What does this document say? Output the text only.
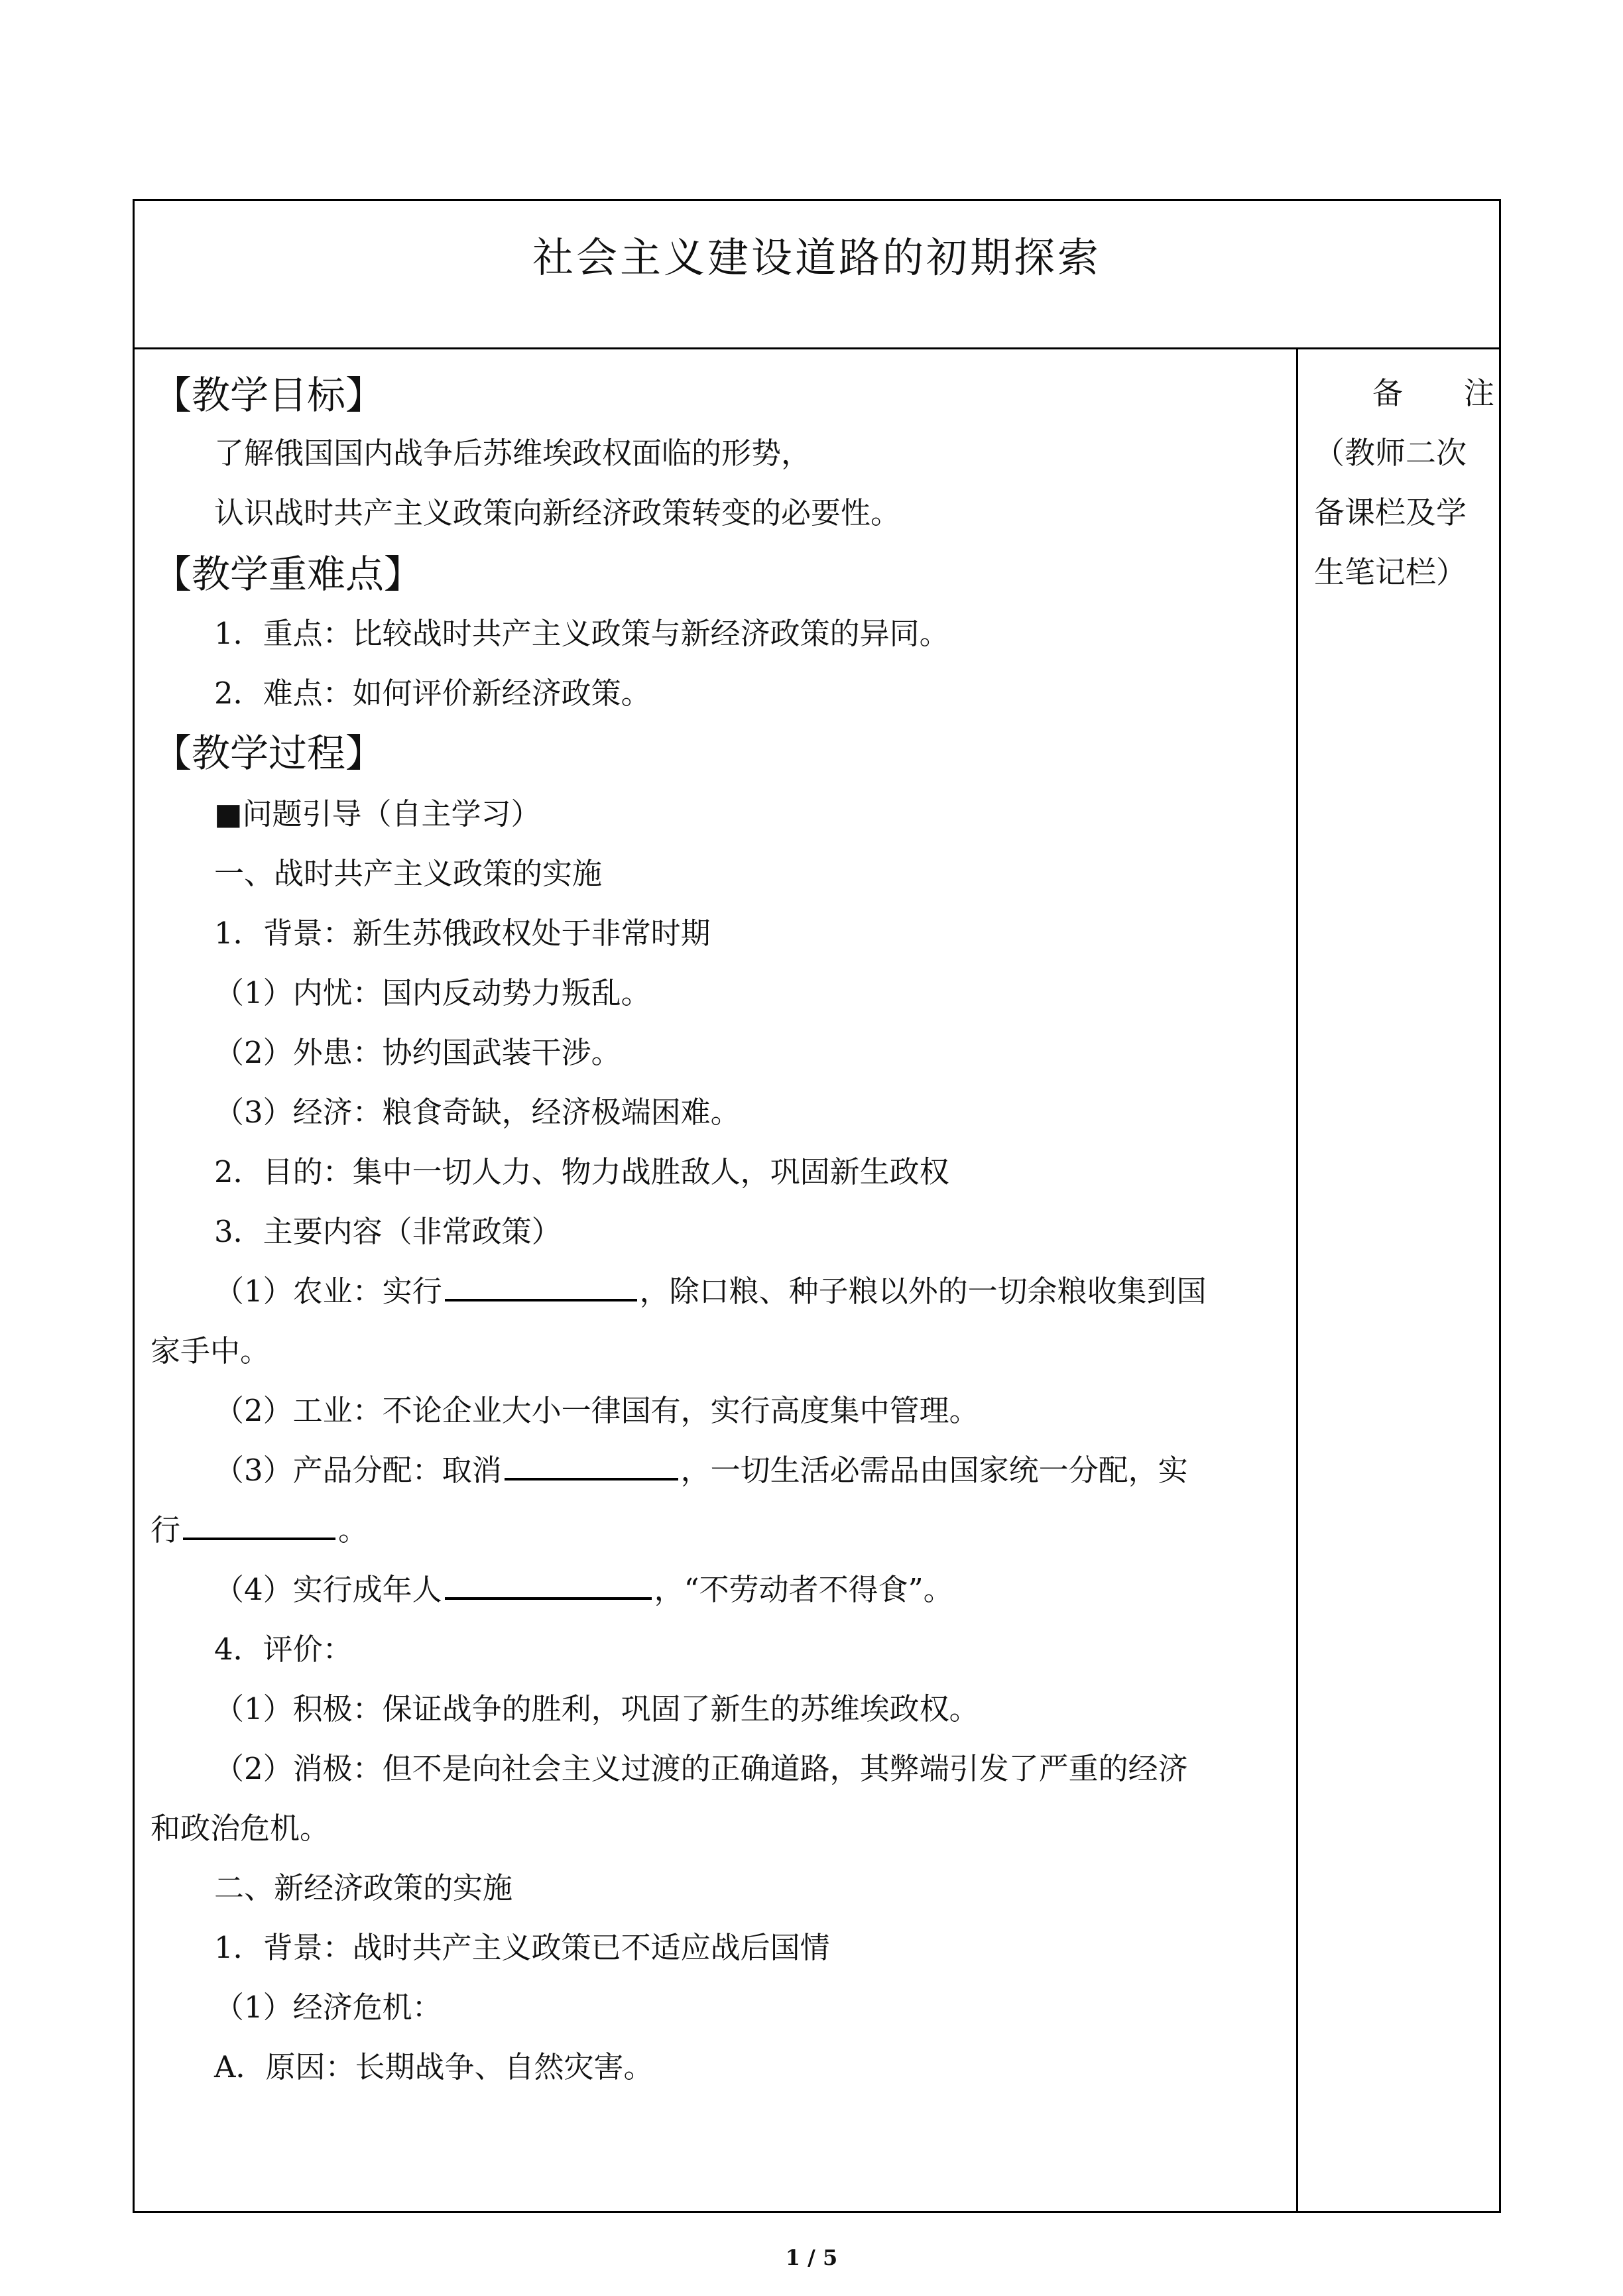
社会主义建设道路的初期探索
备　　注
（教师二次
备课栏及学
生笔记栏）
【教学目标】
了解俄国国内战争后苏维埃政权面临的形势，
认识战时共产主义政策向新经济政策转变的必要性。
【教学重难点】
1．重点：比较战时共产主义政策与新经济政策的异同。
2．难点：如何评价新经济政策。
【教学过程】
■问题引导（自主学习）
一、战时共产主义政策的实施
1．背景：新生苏俄政权处于非常时期
（1）内忧：国内反动势力叛乱。
（2）外患：协约国武装干涉。
（3）经济：粮食奇缺，经济极端困难。
2．目的：集中一切人力、物力战胜敌人，巩固新生政权
3．主要内容（非常政策）
（1）农业：实行	，除口粮、种子粮以外的一切余粮收集到国
家手中。
（2）工业：不论企业大小一律国有，实行高度集中管理。
（3）产品分配：取消	，一切生活必需品由国家统一分配，实
行	。
（4）实行成年人	，“不劳动者不得食”。
4．评价：
（1）积极：保证战争的胜利，巩固了新生的苏维埃政权。
（2）消极：但不是向社会主义过渡的正确道路，其弊端引发了严重的经济
和政治危机。
二、新经济政策的实施
1．背景：战时共产主义政策已不适应战后国情
（1）经济危机：
A．原因：长期战争、自然灾害。
1 / 5
